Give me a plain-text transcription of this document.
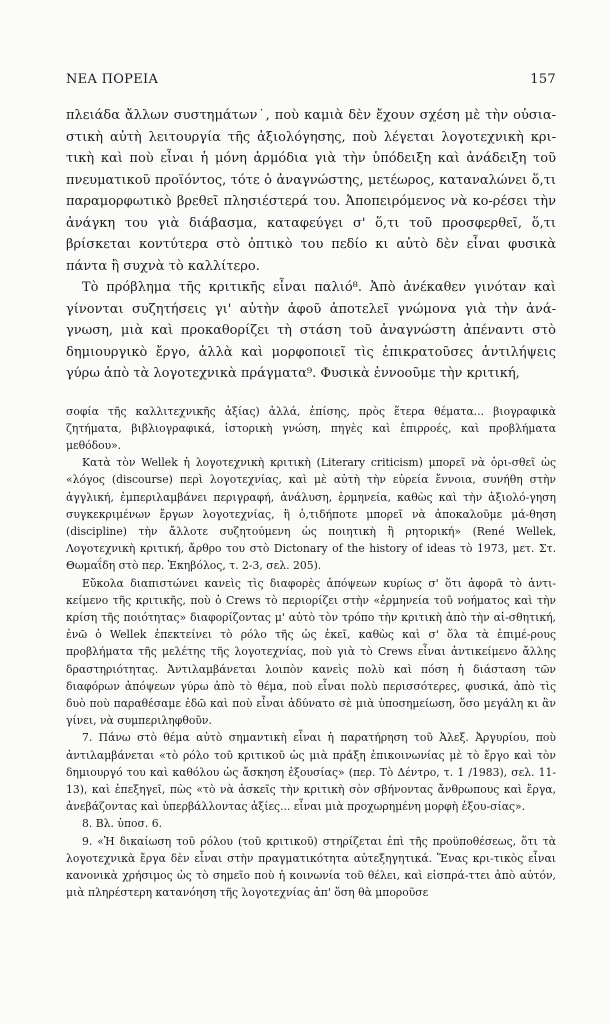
ΝΕΑ ΠΟΡΕΙΑ	157

πλειάδα ἄλλων συστημάτων˙, ποὺ καμιὰ δὲν ἔχουν σχέση μὲ τὴν οὐσια-στικὴ αὐτὴ λειτουργία τῆς ἀξιολόγησης, ποὺ λέγεται λογοτεχνικὴ κρι-τικὴ καὶ ποὺ εἶναι ἡ μόνη ἁρμόδια γιὰ τὴν ὑπόδειξη καὶ ἀνάδειξη τοῦ πνευματικοῦ προϊόντος, τότε ὁ ἀναγνώστης, μετέωρος, καταναλώνει ὅ,τι παραμορφωτικὸ βρεθεῖ πλησιέστερά του. Ἀποπειρόμενος νὰ κο-ρέσει τὴν ἀνάγκη του γιὰ διάβασμα, καταφεύγει σ' ὅ,τι τοῦ προσφερθεῖ, ὅ,τι βρίσκεται κοντύτερα στὸ ὀπτικὸ του πεδίο κι αὐτὸ δὲν εἶναι φυσικὰ πάντα ἢ συχνὰ τὸ καλλίτερο.

Τὸ πρόβλημα τῆς κριτικῆς εἶναι παλιό⁸. Ἀπὸ ἀνέκαθεν γινόταν καὶ γίνονται συζητήσεις γι' αὐτὴν ἀφοῦ ἀποτελεῖ γνώμονα γιὰ τὴν ἀνά-γνωση, μιὰ καὶ προκαθορίζει τὴ στάση τοῦ ἀναγνώστη ἀπέναντι στὸ δημιουργικὸ ἔργο, ἀλλὰ καὶ μορφοποιεῖ τὶς ἐπικρατοῦσες ἀντιλήψεις γύρω ἀπὸ τὰ λογοτεχνικὰ πράγματα⁹. Φυσικὰ ἐννοοῦμε τὴν κριτική,

σοφία τῆς καλλιτεχνικῆς ἀξίας) ἀλλά, ἐπίσης, πρὸς ἕτερα θέματα... βιογραφικὰ ζητήματα, βιβλιογραφικά, ἱστορικὴ γνώση, πηγὲς καὶ ἐπιρροές, καὶ προβλήματα μεθόδου».

Κατὰ τὸν Wellek ἡ λογοτεχνικὴ κριτικὴ (Literary criticism) μπορεῖ νὰ ὁρι-σθεῖ ὡς «λόγος (discourse) περὶ λογοτεχνίας, καὶ μὲ αὐτὴ τὴν εὐρεία ἔννοια, συνήθη στὴν ἀγγλική, ἐμπεριλαμβάνει περιγραφή, ἀνάλυση, ἑρμηνεία, καθὼς καὶ τὴν ἀξιολό-γηση συγκεκριμένων ἔργων λογοτεχνίας, ἢ ὁ,τιδήποτε μπορεῖ νὰ ἀποκαλοῦμε μά-θηση (discipline) τὴν ἄλλοτε συζητούμενη ὡς ποιητικὴ ἢ ρητορική» (René Wellek, Λογοτεχνικὴ κριτική, ἄρθρο του στὸ Dictonary of the history of ideas τὸ 1973, μετ. Στ. Θωμαΐδη στὸ περ. Ἐκηβόλος, τ. 2-3, σελ. 205).

Εὔκολα διαπιστώνει κανεὶς τὶς διαφορὲς ἀπόψεων κυρίως σ' ὅτι ἀφορᾶ τὸ ἀντι-κείμενο τῆς κριτικῆς, ποὺ ὁ Crews τὸ περιορίζει στὴν «ἑρμηνεία τοῦ νοήματος καὶ τὴν κρίση τῆς ποιότητας» διαφορίζοντας μ' αὐτὸ τὸν τρόπο τὴν κριτικὴ ἀπὸ τὴν αἰ-σθητική, ἐνῶ ὁ Wellek ἐπεκτείνει τὸ ρόλο τῆς ὡς ἐκεῖ, καθὼς καὶ σ' ὅλα τὰ ἐπιμέ-ρους προβλήματα τῆς μελέτης τῆς λογοτεχνίας, ποὺ γιὰ τὸ Crews εἶναι ἀντικείμενο ἄλλης δραστηριότητας. Ἀντιλαμβάνεται λοιπὸν κανεὶς πολὺ καὶ πόση ἡ διάσταση τῶν διαφόρων ἀπόψεων γύρω ἀπὸ τὸ θέμα, ποὺ εἶναι πολὺ περισσότερες, φυσικά, ἀπὸ τὶς δυὸ ποὺ παραθέσαμε ἐδῶ καὶ ποὺ εἶναι ἀδύνατο σὲ μιὰ ὑποσημείωση, ὅσο μεγάλη κι ἂν γίνει, νὰ συμπεριληφθοῦν.

7. Πάνω στὸ θέμα αὐτὸ σημαντικὴ εἶναι ἡ παρατήρηση τοῦ Ἀλεξ. Ἀργυρίου, ποὺ ἀντιλαμβάνεται «τὸ ρόλο τοῦ κριτικοῦ ὡς μιὰ πράξη ἐπικοινωνίας μὲ τὸ ἔργο καὶ τὸν δημιουργό του καὶ καθόλου ὡς ἄσκηση ἐξουσίας» (περ. Τὸ Δέντρο, τ. 1 /1983), σελ. 11-13), καὶ ἐπεξηγεῖ, πὼς «τὸ νὰ ἀσκεῖς τὴν κριτικὴ σὸν σβήνοντας ἄνθρωπους καὶ ἔργα, ἀνεβάζοντας καὶ ὑπερβάλλοντας ἀξίες... εἶναι μιὰ προχωρημένη μορφὴ ἐξου-σίας».

8. Βλ. ὑποσ. 6.

9. «Ἡ δικαίωση τοῦ ρόλου (τοῦ κριτικοῦ) στηρίζεται ἐπὶ τῆς προϋποθέσεως, ὅτι τὰ λογοτεχνικὰ ἔργα δὲν εἶναι στὴν πραγματικότητα αὐτεξηγητικά. Ἕνας κρι-τικὸς εἶναι κανονικὰ χρήσιμος ὡς τὸ σημεῖο ποὺ ἡ κοινωνία τοῦ θέλει, καὶ εἰσπρά-ττει ἀπὸ αὐτόν, μιὰ πληρέστερη κατανόηση τῆς λογοτεχνίας ἀπ' ὅση θὰ μποροῦσε
